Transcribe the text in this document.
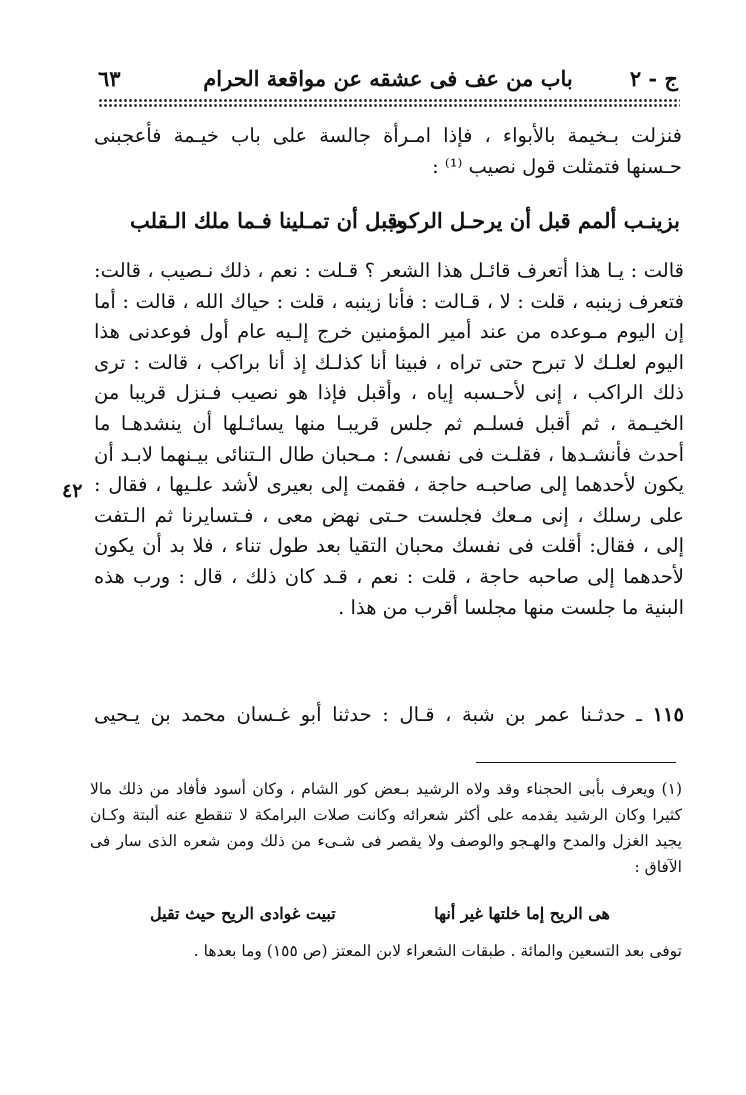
ج - ٢
باب من عف فى عشقه عن مواقعة الحرام
٦٣

فنزلت بـخيمة بالأبواء ، فإذا امـرأة جالسة على باب خيـمة فأعجبنى حـسنها فتمثلت قول نصيب ⁽¹⁾ :

بزينـب ألمم قبل أن يرحـل الركـب
وقبل أن تمـلينا فـما ملك الـقلب

قالت : يـا هذا أتعرف قائـل هذا الشعر ؟ قـلت : نعم ، ذلك نـصيب ، قالت: فتعرف زينبه ، قلت : لا ، قـالت : فأنا زينبه ، قلت : حياك الله ، قالت : أما إن اليوم مـوعده من عند أمير المؤمنين خرج إلـيه عام أول فوعدنى هذا اليوم لعلـك لا تبرح حتى تراه ، فبينا أنا كذلـك إذ أنا براكب ، قالت : ترى ذلك الراكب ، إنى لأحـسبه إياه ، وأقبل فإذا هو نصيب فـنزل قريبا من الخيـمة ، ثم أقبل فسلـم ثم جلس قريبـا منها يسائـلها أن ينشدهـا ما أحدث فأنشـدها ، فقلـت فى نفسى/ : مـحبان طال الـتنائى بيـنهما لابـد أن يكون لأحدهما إلى صاحبـه حاجة ، فقمت إلى بعيرى لأشد علـيها ، فقال : على رسلك ، إنى مـعك فجلست حـتى نهض معى ، فـتسايرنا ثم الـتفت إلى ، فقال: أقلت فى نفسك محبان التقيا بعد طول تناء ، فلا بد أن يكون لأحدهما إلى صاحبه حاجة ، قلت : نعم ، قـد كان ذلك ، قال : ورب هذه البنية ما جلست منها مجلسا أقرب من هذا .

٤٢
١١٥ ـ حدثـنا عمر بن شبة ، قـال : حدثنا أبو غـسان محمد بن يـحيى

(١) ويعرف بأبى الحجناء وقد ولاه الرشيد بـعض كور الشام ، وكان أسود فأفاد من ذلك مالا كثيرا وكان الرشيد يقدمه على أكثر شعرائه وكانت صلات البرامكة لا تنقطع عنه ألبتة وكـان يجيد الغزل والمدح والهـجو والوصف ولا يقصر فى شـىء من ذلك ومن شعره الذى سار فى الآفاق :

هى الريح إما خلتها غير أنها
تبيت غوادى الريح حيث تقيل
توفى بعد التسعين والمائة . طبقات الشعراء لابن المعتز (ص ١٥٥) وما بعدها .
